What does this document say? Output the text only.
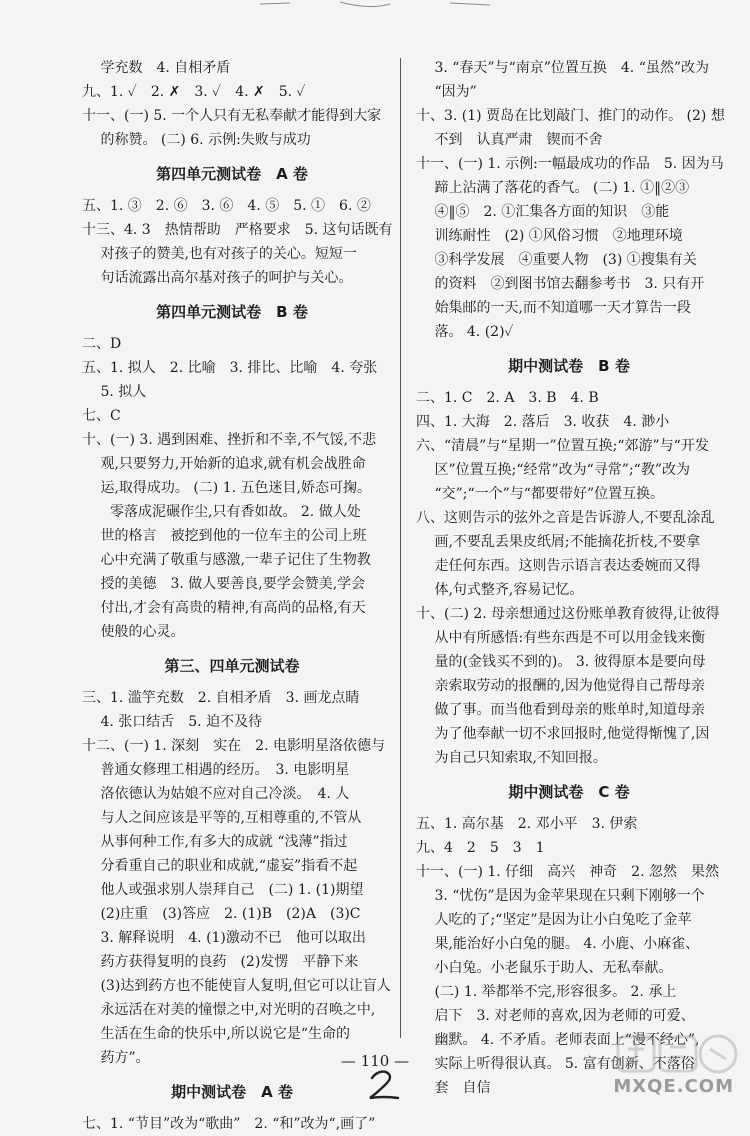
　 学充数　4. 自相矛盾
九、1. ✓　2. ✗　3. ✓　4. ✗　5. ✓
十一、(一) 5. 一个人只有无私奉献才能得到大家
　 的称赞。 (二) 6. 示例:失败与成功
第四单元测试卷　A 卷
五、1. ③　2. ⑥　3. ⑥　4. ⑤　5. ①　6. ②
十三、4. 3　热情帮助　严格要求　5. 这句话既有
　 对孩子的赞美,也有对孩子的关心。短短一
　 句话流露出高尔基对孩子的呵护与关心。
第四单元测试卷　B 卷
二、D
五、1. 拟人　2. 比喻　3. 排比、比喻　4. 夸张
　 5. 拟人
七、C
十、(一) 3. 遇到困难、挫折和不幸,不气馁,不悲
　 观,只要努力,开始新的追求,就有机会战胜命
　 运,取得成功。 (二) 1. 五色迷目,娇态可掬。
　　零落成泥碾作尘,只有香如故。 2. 做人处
　 世的格言　被挖到他的一位车主的公司上班
　 心中充满了敬重与感激,一辈子记住了生物教
　 授的美德　3. 做人要善良,要学会赞美,学会
　 付出,才会有高贵的精神,有高尚的品格,有天
　 使般的心灵。
第三、四单元测试卷
三、1. 滥竽充数　2. 自相矛盾　3. 画龙点睛
　 4. 张口结舌　5. 迫不及待
十二、(一) 1. 深刻　实在　2. 电影明星洛依德与
　 普通女修理工相遇的经历。　3. 电影明星
　 洛依德认为姑娘不应对自己冷淡。　4. 人
　 与人之间应该是平等的,互相尊重的,不管从
　 从事何种工作,有多大的成就 “浅薄”指过
　 分看重自己的职业和成就,“虚妄”指看不起
　 他人或强求别人崇拜自己　(二) 1. (1)期望
　 (2)庄重　(3)答应　2. (1)B　(2)A　(3)C
　 3. 解释说明　4. (1)激动不已　他可以取出
　 药方获得复明的良药　(2)发愣　平静下来
　 (3)达到药方也不能使盲人复明,但它可以让盲人
　 永远活在对美的憧憬之中,对光明的召唤之中,
　 生活在生命的快乐中,所以说它是“生命的
　 药方”。
期中测试卷　A 卷
七、1. “节目”改为“歌曲”　2. “和”改为“,画了”
　 3. “春天”与“南京”位置互换　4. “虽然”改为
　 “因为”
十、3. (1) 贾岛在比划敲门、推门的动作。 (2) 想
　 不到　认真严肃　锲而不舍
十一、(一) 1. 示例:一幅最成功的作品　5. 因为马
　 蹄上沾满了落花的香气。 (二) 1. ①‖②③
　 ④‖⑤　2. ①汇集各方面的知识　③能
　 训练耐性　(2) ①风俗习惯　②地理环境
　 ③科学发展　④重要人物　(3) ①搜集有关
　 的资料　②到图书馆去翻参考书　3. 只有开
　 始集邮的一天,而不知道哪一天才算告一段
　 落。 4. (2)✓
期中测试卷　B 卷
二、1. C　2. A　3. B　4. B
四、1. 大海　2. 落后　3. 收获　4. 渺小
六、“清晨”与“星期一”位置互换;“郊游”与“开发
　 区”位置互换;“经常”改为“寻常”;“教”改为
　 “交”;“一个”与“都要带好”位置互换。
八、这则告示的弦外之音是告诉游人,不要乱涂乱
　 画,不要乱丢果皮纸屑;不能摘花折枝,不要拿
　 走任何东西。这则告示语言表达委婉而又得
　 体,句式整齐,容易记忆。
十、(二) 2. 母亲想通过这份账单教育彼得,让彼得
　 从中有所感悟:有些东西是不可以用金钱来衡
　 量的(金钱买不到的)。 3. 彼得原本是要向母
　 亲索取劳动的报酬的,因为他觉得自己帮母亲
　 做了事。而当他看到母亲的账单时,知道母亲
　 为了他奉献一切不求回报时,他觉得惭愧了,因
　 为自己只知索取,不知回报。
期中测试卷　C 卷
五、1. 高尔基　2. 邓小平　3. 伊索
九、4　2　5　3　1
十一、(一) 1. 仔细　高兴　神奇　2. 忽然　果然
　 3. “忧伤”是因为金苹果现在只剩下刚够一个
　 人吃的了;“坚定”是因为让小白兔吃了金苹
　 果,能治好小白兔的腿。 4. 小鹿、小麻雀、
　 小白兔。小老鼠乐于助人、无私奉献。
　 (二) 1. 举都举不完,形容很多。 2. 承上
　 启下　3. 对老师的喜欢,因为老师的可爱、
　 幽默。 4. 不矛盾。老师表面上“漫不经心”,
　 实际上听得很认真。 5. 富有创新、不落俗
　 套　自信
— 110 —
MXQE.COM
